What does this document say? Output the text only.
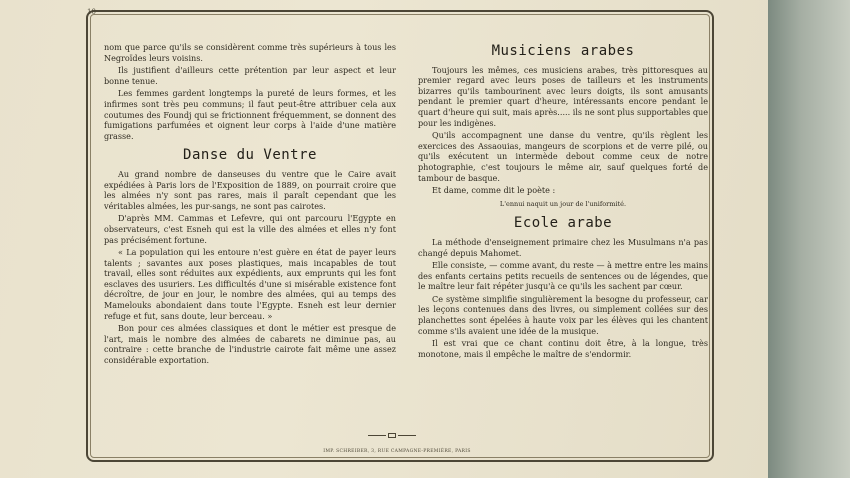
10

nom que parce qu'ils se considèrent comme très supérieurs à tous les Negroïdes leurs voisins.

Ils justifient d'ailleurs cette prétention par leur aspect et leur bonne tenue.

Les femmes gardent longtemps la pureté de leurs formes, et les infirmes sont très peu communs; il faut peut-être attribuer cela aux coutumes des Foundj qui se frictionnent fréquemment, se donnent des fumigations parfumées et oignent leur corps à l'aide d'une matière grasse.

Danse du Ventre

Au grand nombre de danseuses du ventre que le Caire avait expédiées à Paris lors de l'Exposition de 1889, on pourrait croire que les almées n'y sont pas rares, mais il paraît cependant que les véritables almées, les pur-sangs, ne sont pas cairotes.

D'après MM. Cammas et Lefevre, qui ont parcouru l'Egypte en observateurs, c'est Esneh qui est la ville des almées et elles n'y font pas précisément fortune.

« La population qui les entoure n'est guère en état de payer leurs talents ; savantes aux poses plastiques, mais incapables de tout travail, elles sont réduites aux expédients, aux emprunts qui les font esclaves des usuriers. Les difficultés d'une si misérable existence font décroître, de jour en jour, le nombre des almées, qui au temps des Mamelouks abondaient dans toute l'Egypte. Esneh est leur dernier refuge et fut, sans doute, leur berceau. »

Bon pour ces almées classiques et dont le métier est presque de l'art, mais le nombre des almées de cabarets ne diminue pas, au contraire : cette branche de l'industrie cairote fait même une assez considérable exportation.

Musiciens arabes

Toujours les mêmes, ces musiciens arabes, très pittoresques au premier regard avec leurs poses de tailleurs et les instruments bizarres qu'ils tambourinent avec leurs doigts, ils sont amusants pendant le premier quart d'heure, intéressants encore pendant le quart d'heure qui suit, mais après..... ils ne sont plus supportables que pour les indigènes.

Qu'ils accompagnent une danse du ventre, qu'ils règlent les exercices des Assaouias, mangeurs de scorpions et de verre pilé, ou qu'ils exécutent un intermède debout comme ceux de notre photographie, c'est toujours le même air, sauf quelques forté de tambour de basque.

Et dame, comme dit le poète :

L'ennui naquit un jour de l'uniformité.
Ecole arabe

La méthode d'enseignement primaire chez les Musulmans n'a pas changé depuis Mahomet.

Elle consiste, — comme avant, du reste — à mettre entre les mains des enfants certains petits recueils de sentences ou de légendes, que le maître leur fait répéter jusqu'à ce qu'ils les sachent par cœur.

Ce système simplifie singulièrement la besogne du professeur, car les leçons contenues dans des livres, ou simplement collées sur des planchettes sont épelées à haute voix par les élèves qui les chantent comme s'ils avaient une idée de la musique.

Il est vrai que ce chant continu doit être, à la longue, très monotone, mais il empêche le maître de s'endormir.

IMP. SCHREIBER, 3, RUE CAMPAGNE-PREMIÈRE, PARIS
